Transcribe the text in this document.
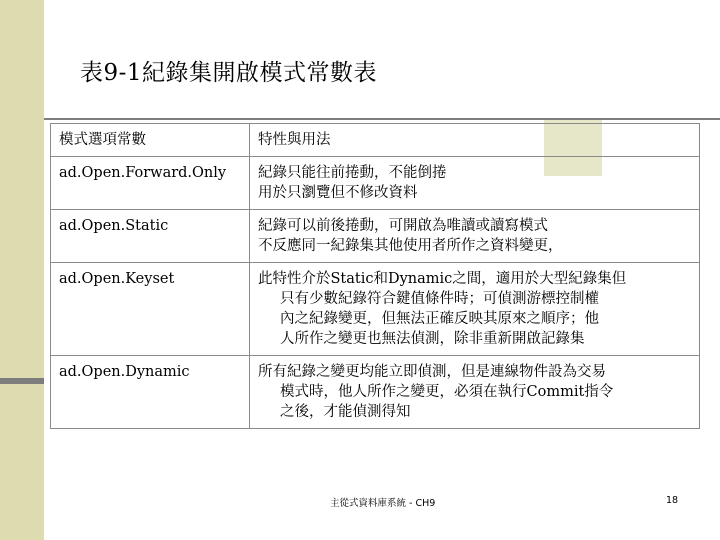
表9-1紀錄集開啟模式常數表
模式選項常數	特性與用法
ad.Open.Forward.Only	紀錄只能往前捲動，不能倒捲
用於只瀏覽但不修改資料

ad.Open.Static	紀錄可以前後捲動，可開啟為唯讀或讀寫模式
不反應同一紀錄集其他使用者所作之資料變更，

ad.Open.Keyset	此特性介於Static和Dynamic之間，適用於大型紀錄集但
只有少數紀錄符合鍵值條件時；可偵測游標控制權
內之紀錄變更，但無法正確反映其原來之順序；他
人所作之變更也無法偵測，除非重新開啟記錄集

ad.Open.Dynamic	所有紀錄之變更均能立即偵測，但是連線物件設為交易
模式時，他人所作之變更，必須在執行Commit指令
之後，才能偵測得知
主從式資料庫系統 - CH9	18
